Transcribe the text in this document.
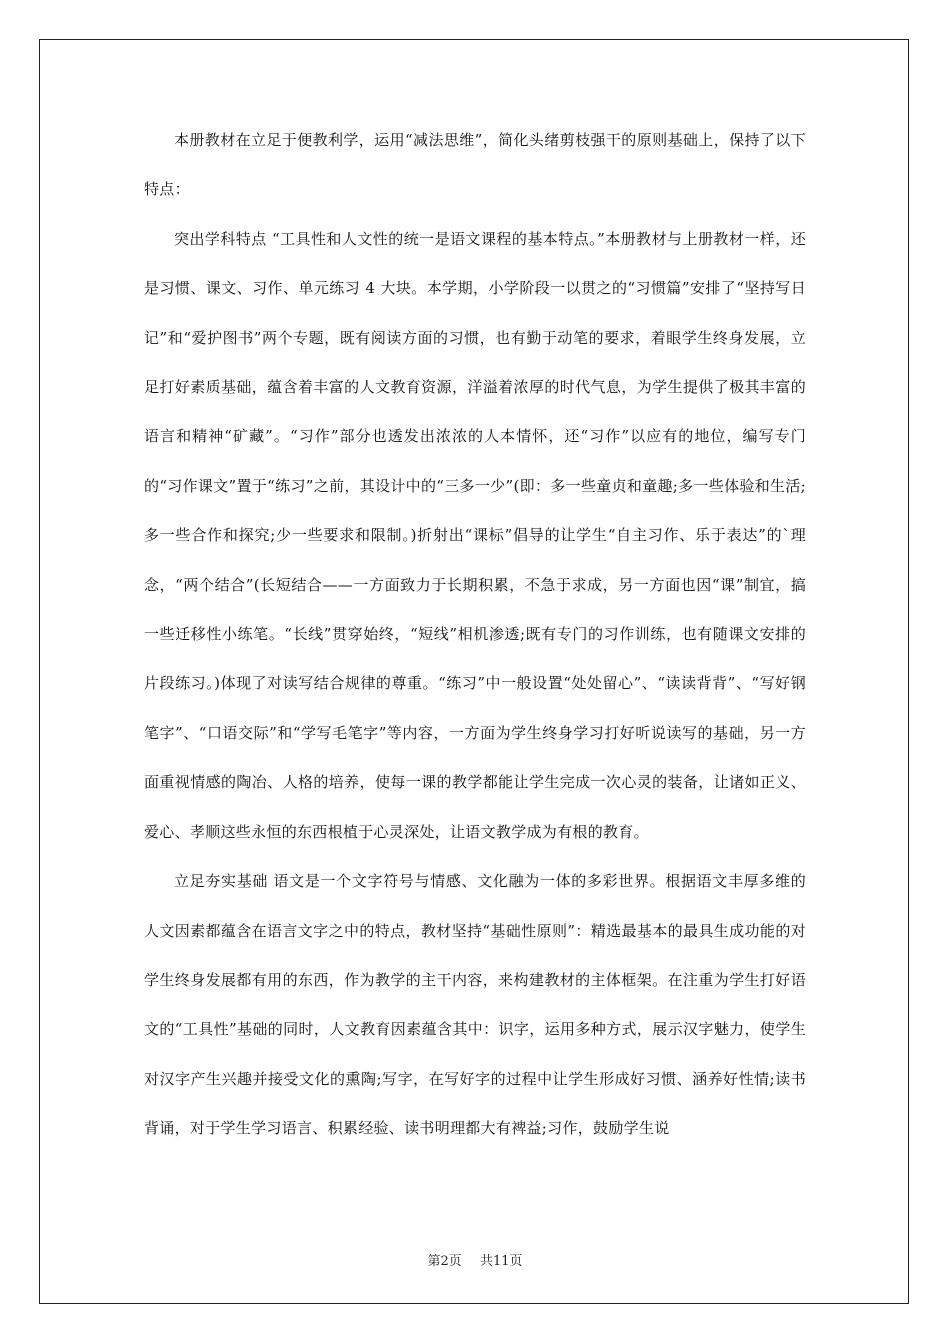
本册教材在立足于便教利学，运用“减法思维”，简化头绪剪枝强干的原则基础上，保持了以下特点：

突出学科特点 “工具性和人文性的统一是语文课程的基本特点。”本册教材与上册教材一样，还是习惯、课文、习作、单元练习 4 大块。本学期，小学阶段一以贯之的“习惯篇”安排了“坚持写日记”和“爱护图书”两个专题，既有阅读方面的习惯，也有勤于动笔的要求，着眼学生终身发展，立足打好素质基础，蕴含着丰富的人文教育资源，洋溢着浓厚的时代气息，为学生提供了极其丰富的语言和精神“矿藏”。“习作”部分也透发出浓浓的人本情怀，还“习作”以应有的地位，编写专门的“习作课文”置于“练习”之前，其设计中的“三多一少”(即：多一些童贞和童趣;多一些体验和生活;多一些合作和探究;少一些要求和限制。)折射出“课标”倡导的让学生“自主习作、乐于表达”的`理念，“两个结合”(长短结合——一方面致力于长期积累，不急于求成，另一方面也因“课”制宜，搞一些迁移性小练笔。“长线”贯穿始终，“短线”相机渗透;既有专门的习作训练，也有随课文安排的片段练习。)体现了对读写结合规律的尊重。“练习”中一般设置“处处留心”、“读读背背”、“写好钢笔字”、“口语交际”和“学写毛笔字”等内容，一方面为学生终身学习打好听说读写的基础，另一方面重视情感的陶冶、人格的培养，使每一课的教学都能让学生完成一次心灵的装备，让诸如正义、爱心、孝顺这些永恒的东西根植于心灵深处，让语文教学成为有根的教育。

立足夯实基础 语文是一个文字符号与情感、文化融为一体的多彩世界。根据语文丰厚多维的人文因素都蕴含在语言文字之中的特点，教材坚持“基础性原则”：精选最基本的最具生成功能的对学生终身发展都有用的东西，作为教学的主干内容，来构建教材的主体框架。在注重为学生打好语文的“工具性”基础的同时，人文教育因素蕴含其中：识字，运用多种方式，展示汉字魅力，使学生对汉字产生兴趣并接受文化的熏陶;写字，在写好字的过程中让学生形成好习惯、涵养好性情;读书背诵，对于学生学习语言、积累经验、读书明理都大有裨益;习作，鼓励学生说

第2页 共11页
